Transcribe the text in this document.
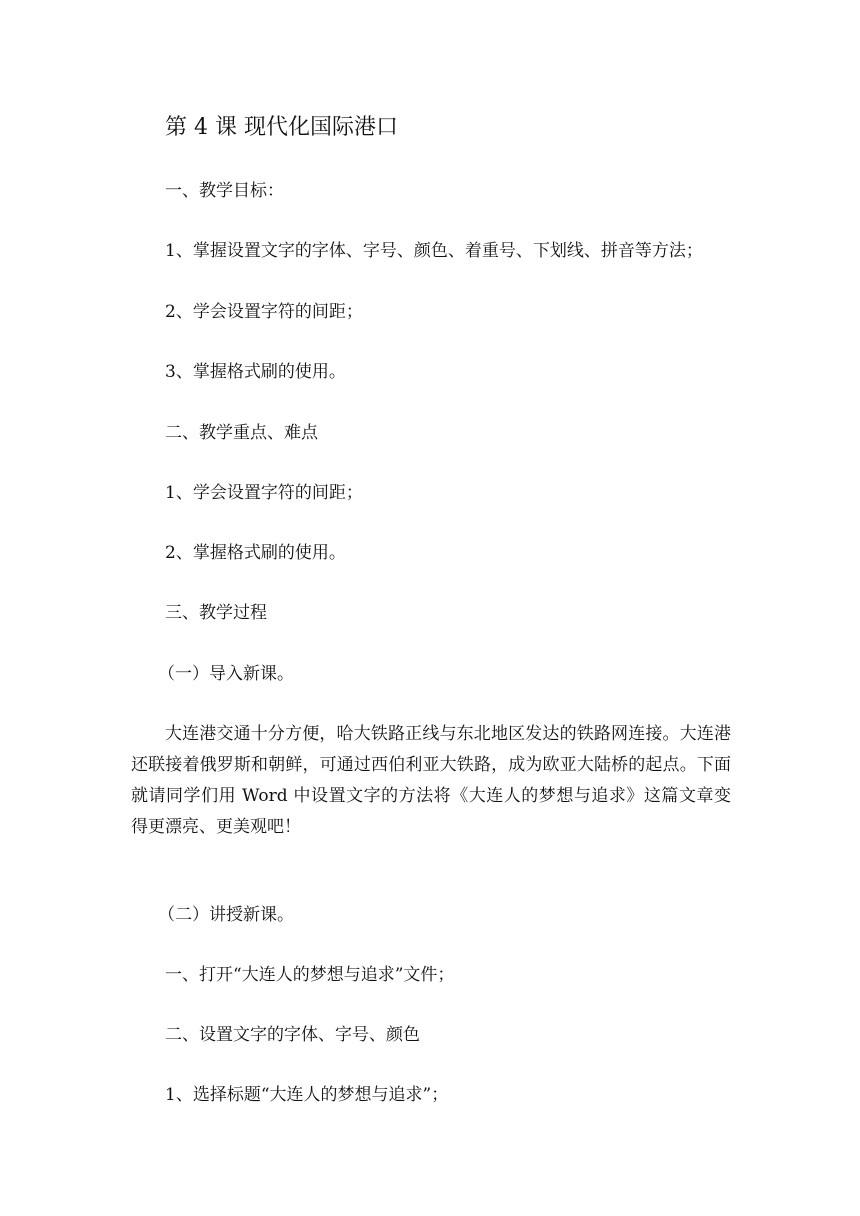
第 4 课 现代化国际港口

一、教学目标：

1、掌握设置文字的字体、字号、颜色、着重号、下划线、拼音等方法；

2、学会设置字符的间距；

3、掌握格式刷的使用。

二、教学重点、难点

1、学会设置字符的间距；

2、掌握格式刷的使用。

三、教学过程

（一）导入新课。

大连港交通十分方便，哈大铁路正线与东北地区发达的铁路网连接。大连港还联接着俄罗斯和朝鲜，可通过西伯利亚大铁路，成为欧亚大陆桥的起点。下面就请同学们用 Word 中设置文字的方法将《大连人的梦想与追求》这篇文章变得更漂亮、更美观吧！

（二）讲授新课。

一、打开“大连人的梦想与追求”文件；

二、设置文字的字体、字号、颜色

1、选择标题“大连人的梦想与追求”；
